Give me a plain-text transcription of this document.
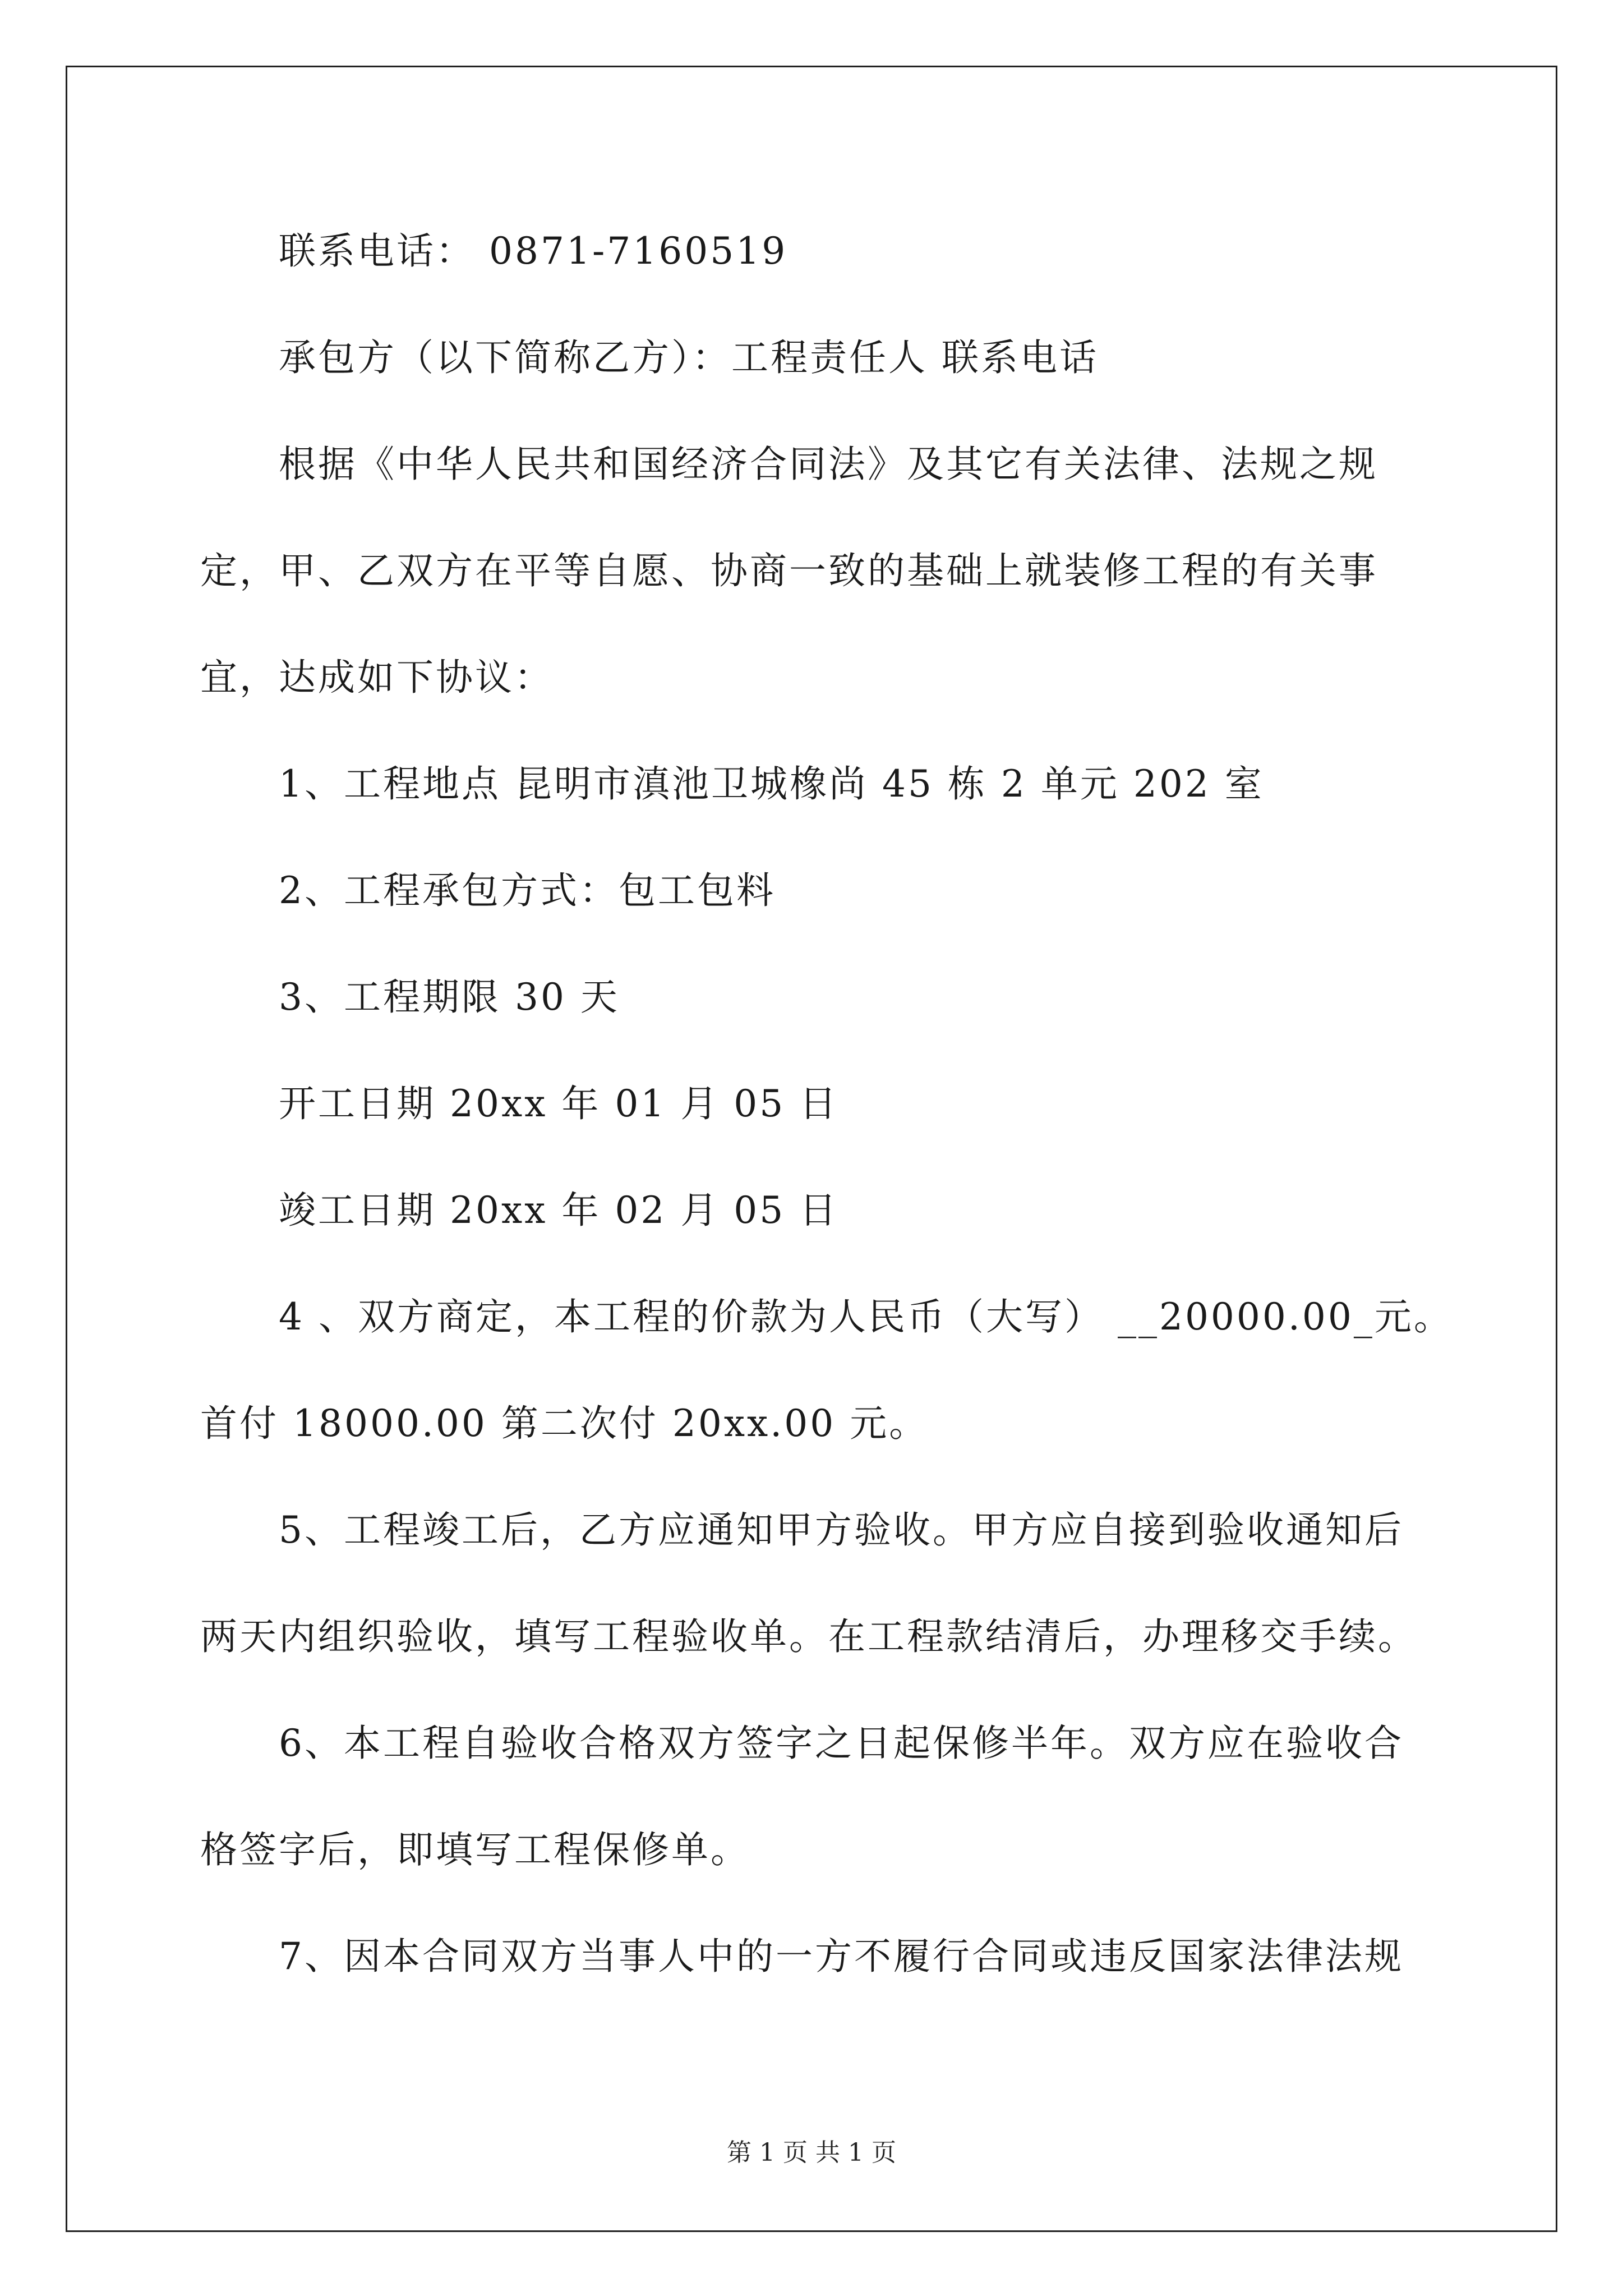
联系电话： 0871-7160519
承包方（以下简称乙方）：工程责任人 联系电话
根据《中华人民共和国经济合同法》及其它有关法律、法规之规
定，甲、乙双方在平等自愿、协商一致的基础上就装修工程的有关事
宜，达成如下协议：
1、工程地点 昆明市滇池卫城橡尚 45 栋 2 单元 202 室
2、工程承包方式：包工包料
3、工程期限 30 天
开工日期 20xx 年 01 月 05 日
竣工日期 20xx 年 02 月 05 日
4 、双方商定，本工程的价款为人民币（大写） __20000.00_元。
首付 18000.00 第二次付 20xx.00 元。
5、工程竣工后，乙方应通知甲方验收。甲方应自接到验收通知后
两天内组织验收，填写工程验收单。在工程款结清后，办理移交手续。
6、本工程自验收合格双方签字之日起保修半年。双方应在验收合
格签字后，即填写工程保修单。
7、因本合同双方当事人中的一方不履行合同或违反国家法律法规
第 1 页 共 1 页
